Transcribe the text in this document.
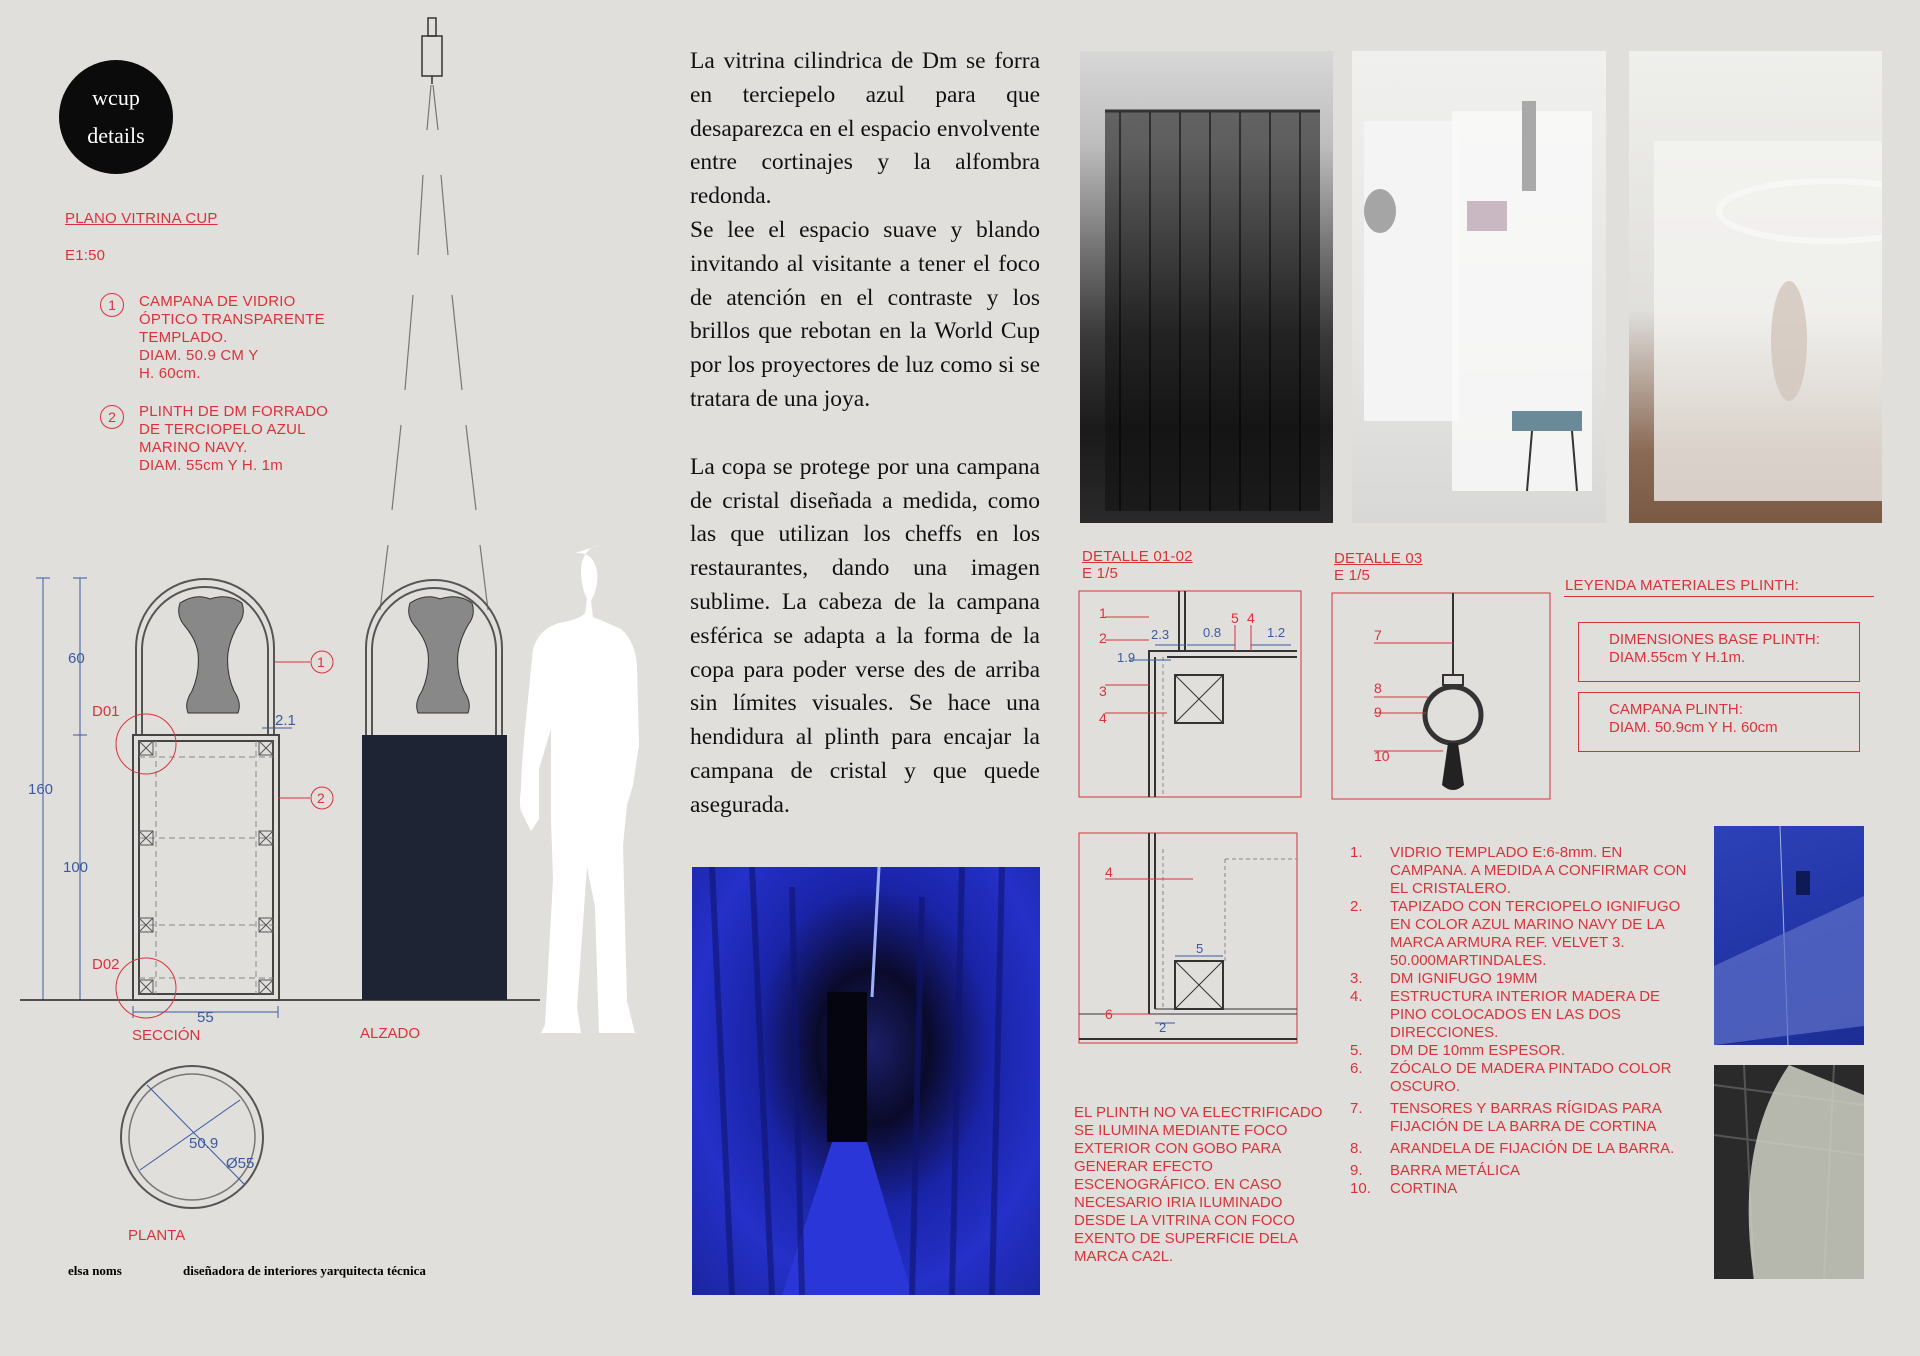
wcup
details
PLANO VITRINA CUP
E1:50
1	CAMPANA DE VIDRIO
ÓPTICO TRANSPARENTE
TEMPLADO.
DIAM. 50.9 CM Y
H. 60cm.
2	PLINTH DE DM FORRADO
DE TERCIOPELO AZUL
MARINO NAVY.
DIAM. 55cm Y H. 1m
60
160
100
55
2.1
D01
D02
1
2
SECCIÓN	ALZADO
50.9
Ø55
PLANTA
elsa noms	diseñadora de interiores yarquitecta técnica

La vitrina cilindrica de Dm se forra en terciepelo azul para que desaparezca en el espacio envolvente entre cortinajes y la alfombra redonda.

Se lee el espacio suave y blando invitando al visitante a tener el foco de atención en el contraste y los brillos que rebotan en la World Cup por los proyectores de luz como si se tratara de una joya.

La copa se protege por una campana de cristal diseñada a medida, como las que utilizan los cheffs en los restaurantes, dando una imagen sublime. La cabeza de la campana esférica se adapta a la forma de la copa para poder verse des de arriba sin límites visuales. Se hace una hendidura al plinth para encajar la campana de cristal y que quede asegurada.

DETALLE 01-02
E 1/5
1
2
3
4
5 4
2.3	0.8	1.2
1.9
DETALLE 03
E 1/5
7
8
9
10
LEYENDA MATERIALES PLINTH:
DIMENSIONES BASE PLINTH:
DIAM.55cm Y H.1m.
CAMPANA PLINTH:
DIAM. 50.9cm Y H. 60cm
4
5
6
2
EL PLINTH NO VA ELECTRIFICADO SE ILUMINA MEDIANTE FOCO EXTERIOR CON GOBO PARA GENERAR EFECTO ESCENOGRÁFICO. EN CASO NECESARIO IRIA ILUMINADO DESDE LA VITRINA CON FOCO EXENTO DE SUPERFICIE DELA MARCA CA2L.
1. VIDRIO TEMPLADO E:6-8mm. EN CAMPANA. A MEDIDA A CONFIRMAR CON EL CRISTALERO.
2. TAPIZADO CON TERCIOPELO IGNIFUGO EN COLOR AZUL MARINO NAVY DE LA MARCA ARMURA REF. VELVET 3. 50.000MARTINDALES.
3. DM IGNIFUGO 19MM
4. ESTRUCTURA INTERIOR MADERA DE PINO COLOCADOS EN LAS DOS DIRECCIONES.
5. DM DE 10mm ESPESOR.
6. ZÓCALO DE MADERA PINTADO COLOR OSCURO.
7. TENSORES Y BARRAS RÍGIDAS PARA FIJACIÓN DE LA BARRA DE CORTINA
8. ARANDELA DE FIJACIÓN DE LA BARRA.
9. BARRA METÁLICA
10. CORTINA
